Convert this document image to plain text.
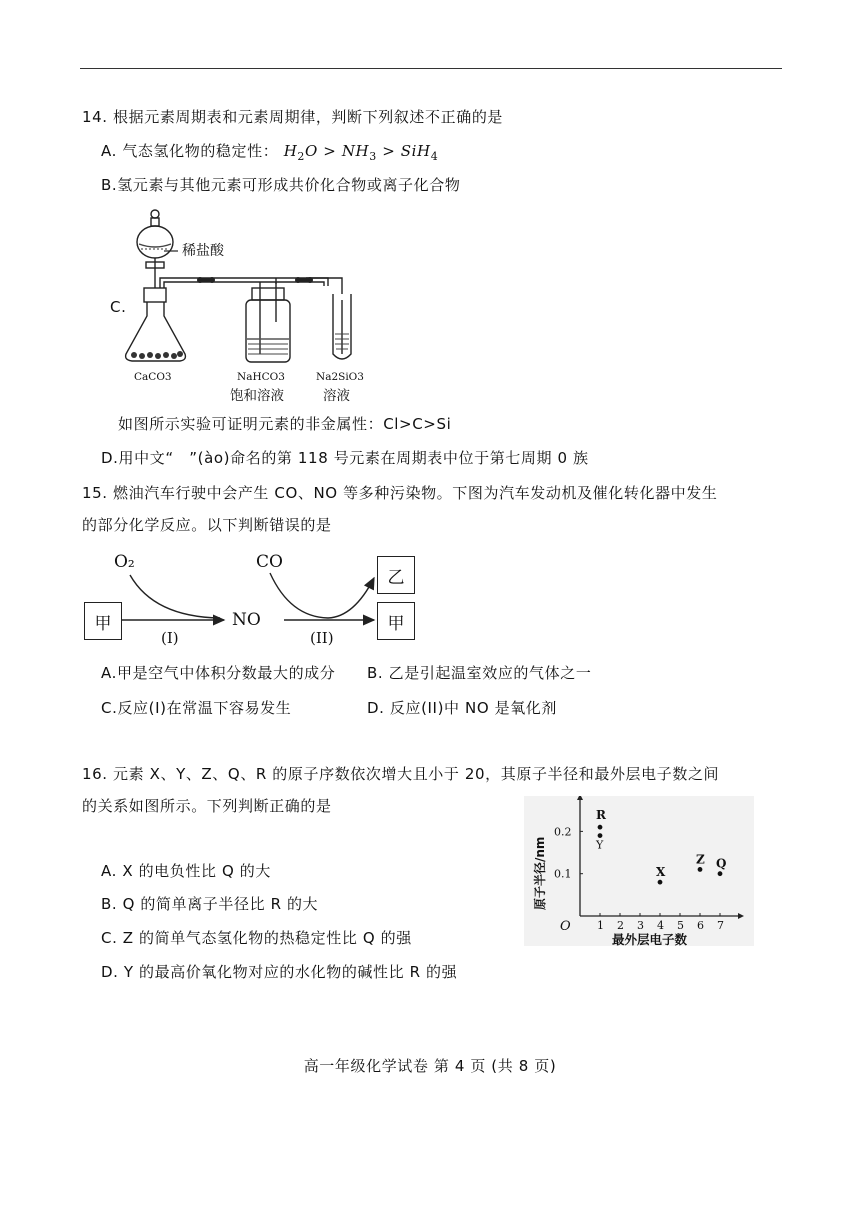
14. 根据元素周期表和元素周期律，判断下列叙述不正确的是
A. 气态氢化物的稳定性： $H_2O > NH_3 > SiH_4$
B.氢元素与其他元素可形成共价化合物或离子化合物
C.
稀盐酸
CaCO3	NaHCO3
饱和溶液
Na2SiO3
溶液
如图所示实验可证明元素的非金属性：Cl>C>Si
D.用中文“　”(ào)命名的第 118 号元素在周期表中位于第七周期 0 族
15. 燃油汽车行驶中会产生 CO、NO 等多种污染物。下图为汽车发动机及催化转化器中发生
的部分化学反应。以下判断错误的是
甲
乙
甲
O₂
(I)
NO
CO
(II)
A.甲是空气中体积分数最大的成分 B. 乙是引起温室效应的气体之一
C.反应(I)在常温下容易发生	D. 反应(II)中 NO 是氧化剂
16. 元素 X、Y、Z、Q、R 的原子序数依次增大且小于 20，其原子半径和最外层电子数之间
的关系如图所示。下列判断正确的是
A. X 的电负性比 Q 的大
B. Q 的简单离子半径比 R 的大
C. Z 的简单气态氢化物的热稳定性比 Q 的强
D. Y 的最高价氧化物对应的水化物的碱性比 R 的强
O 1 2 3 4 5 6 7
0.1
0.2
最外层电子数
原子半径/nm
R
Y
X
Z Q
高一年级化学试卷 第 4 页 (共 8 页)
